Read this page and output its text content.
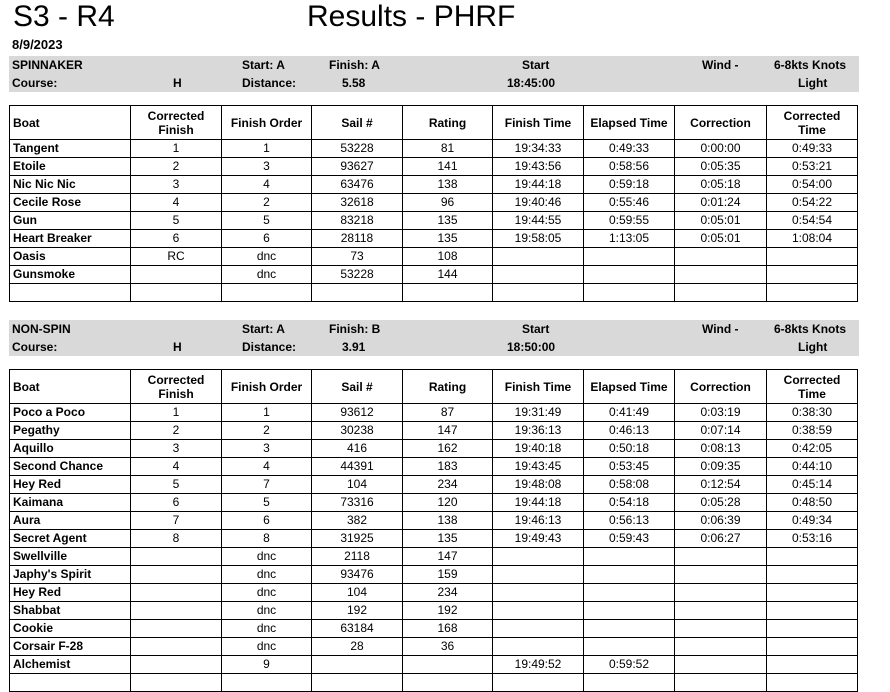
S3 - R4	Results - PHRF
8/9/2023
SPINNAKER	Start: A	Finish: A	Start	Wind -	6-8kts Knots
Course:	H	Distance:	5.58	18:45:00	Light
Boat	Corrected Finish	Finish Order	Sail #	Rating	Finish Time	Elapsed Time	Correction	Corrected Time
Tangent	1	1	53228	81	19:34:33	0:49:33	0:00:00	0:49:33
Etoile	2	3	93627	141	19:43:56	0:58:56	0:05:35	0:53:21
Nic Nic Nic	3	4	63476	138	19:44:18	0:59:18	0:05:18	0:54:00
Cecile Rose	4	2	32618	96	19:40:46	0:55:46	0:01:24	0:54:22
Gun	5	5	83218	135	19:44:55	0:59:55	0:05:01	0:54:54
Heart Breaker	6	6	28118	135	19:58:05	1:13:05	0:05:01	1:08:04
Oasis	RC	dnc	73	108				
Gunsmoke		dnc	53228	144				

NON-SPIN	Start: A	Finish: B	Start	Wind -	6-8kts Knots
Course:	H	Distance:	3.91	18:50:00	Light
Boat	Corrected Finish	Finish Order	Sail #	Rating	Finish Time	Elapsed Time	Correction	Corrected Time
Poco a Poco	1	1	93612	87	19:31:49	0:41:49	0:03:19	0:38:30
Pegathy	2	2	30238	147	19:36:13	0:46:13	0:07:14	0:38:59
Aquillo	3	3	416	162	19:40:18	0:50:18	0:08:13	0:42:05
Second Chance	4	4	44391	183	19:43:45	0:53:45	0:09:35	0:44:10
Hey Red	5	7	104	234	19:48:08	0:58:08	0:12:54	0:45:14
Kaimana	6	5	73316	120	19:44:18	0:54:18	0:05:28	0:48:50
Aura	7	6	382	138	19:46:13	0:56:13	0:06:39	0:49:34
Secret Agent	8	8	31925	135	19:49:43	0:59:43	0:06:27	0:53:16
Swellville		dnc	2118	147				
Japhy's Spirit		dnc	93476	159				
Hey Red		dnc	104	234				
Shabbat		dnc	192	192				
Cookie		dnc	63184	168				
Corsair F-28		dnc	28	36				
Alchemist		9			19:49:52	0:59:52		
